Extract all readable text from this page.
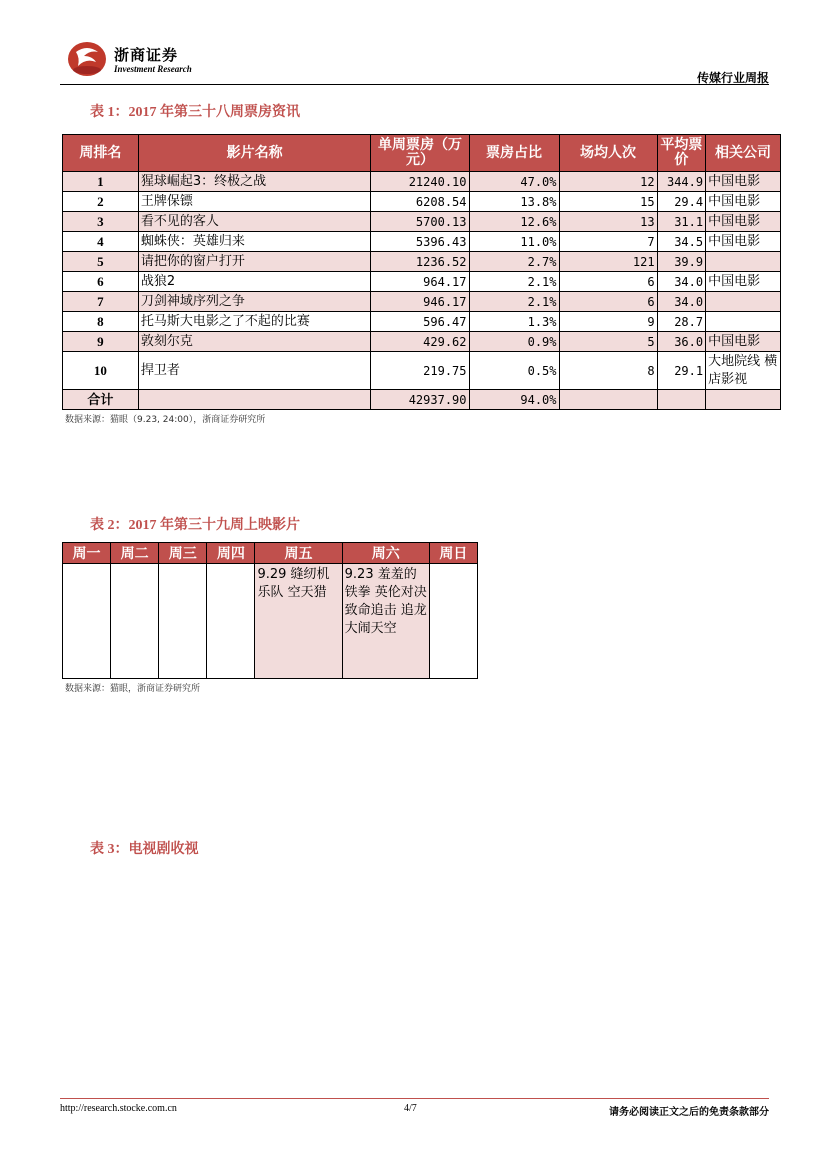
浙商证券
Investment Research
传媒行业周报
表 1：2017 年第三十八周票房资讯
周排名	影片名称	单周票房（万元）	票房占比	场均人次	平均票价	相关公司
1	猩球崛起3：终极之战	21240.10	47.0%	12	344.9	中国电影
2	王牌保镖	6208.54	13.8%	15	29.4	中国电影
3	看不见的客人	5700.13	12.6%	13	31.1	中国电影
4	蜘蛛侠：英雄归来	5396.43	11.0%	7	34.5	中国电影
5	请把你的窗户打开	1236.52	2.7%	121	39.9	
6	战狼2	964.17	2.1%	6	34.0	中国电影
7	刀剑神域序列之争	946.17	2.1%	6	34.0	
8	托马斯大电影之了不起的比赛	596.47	1.3%	9	28.7	
9	敦刻尔克	429.62	0.9%	5	36.0	中国电影
10	捍卫者	219.75	0.5%	8	29.1	大地院线 横店影视
合计		42937.90	94.0%			
数据来源：猫眼（9.23, 24:00），浙商证券研究所
表 2：2017 年第三十九周上映影片
周一	周二	周三	周四	周五	周六	周日
				9.29 缝纫机乐队 空天猎	9.23 羞羞的铁拳 英伦对决 致命追击 追龙 大闹天空	
数据来源：猫眼，浙商证券研究所
表 3：电视剧收视
http://research.stocke.com.cn	4/7	请务必阅读正文之后的免责条款部分
